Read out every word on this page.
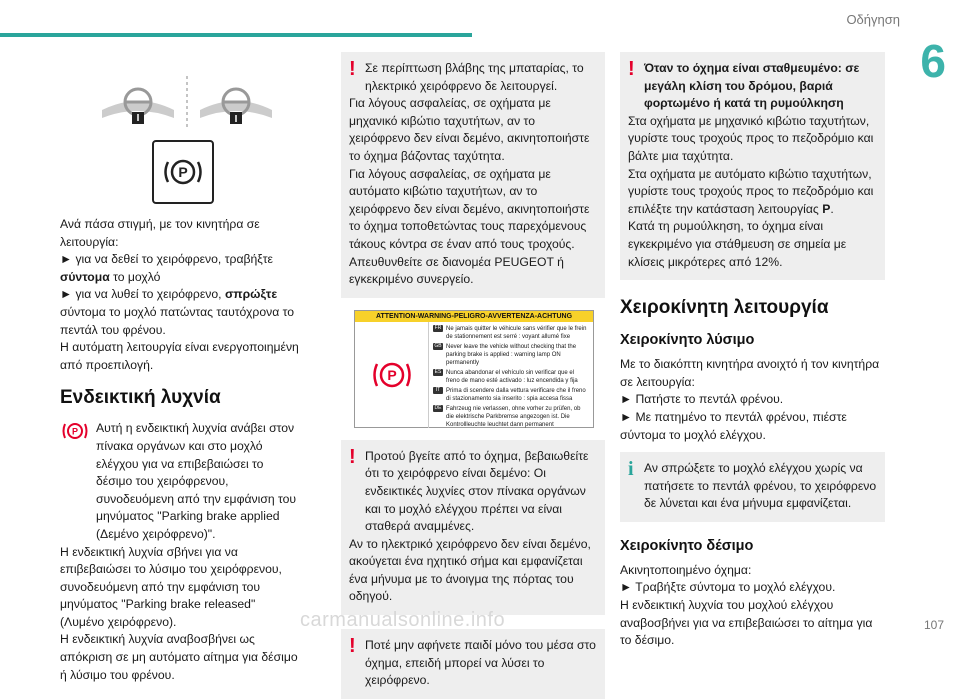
Οδήγηση
6
P

Ανά πάσα στιγμή, με τον κινητήρα σε λειτουργία:

► για να δεθεί το χειρόφρενο, τραβήξτε σύντομα το μοχλό

► για να λυθεί το χειρόφρενο, σπρώξτε σύντομα το μοχλό πατώντας ταυτόχρονα το πεντάλ του φρένου.

Η αυτόματη λειτουργία είναι ενεργοποιημένη από προεπιλογή.

Ενδεικτική λυχνία
P Αυτή η ενδεικτική λυχνία ανάβει στον πίνακα οργάνων και στο μοχλό ελέγχου για να επιβεβαιώσει το δέσιμο του χειρόφρενου, συνοδευόμενη από την εμφάνιση του μηνύματος "Parking brake applied (Δεμένο χειρόφρενο)".

Η ενδεικτική λυχνία σβήνει για να επιβεβαιώσει το λύσιμο του χειρόφρενου, συνοδευόμενη από την εμφάνιση του μηνύματος "Parking brake released" (Λυμένο χειρόφρενο).

Η ενδεικτική λυχνία αναβοσβήνει ως απόκριση σε μη αυτόματο αίτημα για δέσιμο ή λύσιμο του φρένου.

! Σε περίπτωση βλάβης της μπαταρίας, το ηλεκτρικό χειρόφρενο δε λειτουργεί.

Για λόγους ασφαλείας, σε οχήματα με μηχανικό κιβώτιο ταχυτήτων, αν το χειρόφρενο δεν είναι δεμένο, ακινητοποιήστε το όχημα βάζοντας ταχύτητα.

Για λόγους ασφαλείας, σε οχήματα με αυτόματο κιβώτιο ταχυτήτων, αν το χειρόφρενο δεν είναι δεμένο, ακινητοποιήστε το όχημα τοποθετώντας τους παρεχόμενους τάκους κόντρα σε έναν από τους τροχούς.

Απευθυνθείτε σε διανομέα PEUGEOT ή εγκεκριμένο συνεργείο.

ATTENTION-WARNING-PELIGRO-AVVERTENZA-ACHTUNG
P
FR Ne jamais quitter le véhicule sans vérifier que le frein de stationnement est serré : voyant allumé fixe
GB Never leave the vehicle without checking that the parking brake is applied : warning lamp ON permanently
ES Nunca abandonar el vehículo sin verificar que el freno de mano esté activado : luz encendida y fija
IT Prima di scendere dalla vettura verificare che il freno di stazionamento sia inserito : spia accesa fissa
DE Fahrzeug nie verlassen, ohne vorher zu prüfen, ob die elektrische Parkbremse angezogen ist. Die Kontrollleuchte leuchtet dann permanent
! Προτού βγείτε από το όχημα, βεβαιωθείτε ότι το χειρόφρενο είναι δεμένο: Οι ενδεικτικές λυχνίες στον πίνακα οργάνων και το μοχλό ελέγχου πρέπει να είναι σταθερά αναμμένες.

Αν το ηλεκτρικό χειρόφρενο δεν είναι δεμένο, ακούγεται ένα ηχητικό σήμα και εμφανίζεται ένα μήνυμα με το άνοιγμα της πόρτας του οδηγού.

! Ποτέ μην αφήνετε παιδί μόνο του μέσα στο όχημα, επειδή μπορεί να λύσει το χειρόφρενο.

! Όταν το όχημα είναι σταθμευμένο: σε μεγάλη κλίση του δρόμου, βαριά φορτωμένο ή κατά τη ρυμούλκηση

Στα οχήματα με μηχανικό κιβώτιο ταχυτήτων, γυρίστε τους τροχούς προς το πεζοδρόμιο και βάλτε μια ταχύτητα.

Στα οχήματα με αυτόματο κιβώτιο ταχυτήτων, γυρίστε τους τροχούς προς το πεζοδρόμιο και επιλέξτε την κατάσταση λειτουργίας P.

Κατά τη ρυμούλκηση, το όχημα είναι εγκεκριμένο για στάθμευση σε σημεία με κλίσεις μικρότερες από 12%.

Χειροκίνητη λειτουργία
Χειροκίνητο λύσιμο

Με το διακόπτη κινητήρα ανοιχτό ή τον κινητήρα σε λειτουργία:

► Πατήστε το πεντάλ φρένου.

► Με πατημένο το πεντάλ φρένου, πιέστε σύντομα το μοχλό ελέγχου.

i Αν σπρώξετε το μοχλό ελέγχου χωρίς να πατήσετε το πεντάλ φρένου, το χειρόφρενο δε λύνεται και ένα μήνυμα εμφανίζεται.

Χειροκίνητο δέσιμο

Ακινητοποιημένο όχημα:

► Τραβήξτε σύντομα το μοχλό ελέγχου.

Η ενδεικτική λυχνία του μοχλού ελέγχου αναβοσβήνει για να επιβεβαιώσει το αίτημα για το δέσιμο.

carmanualsonline.info	107
